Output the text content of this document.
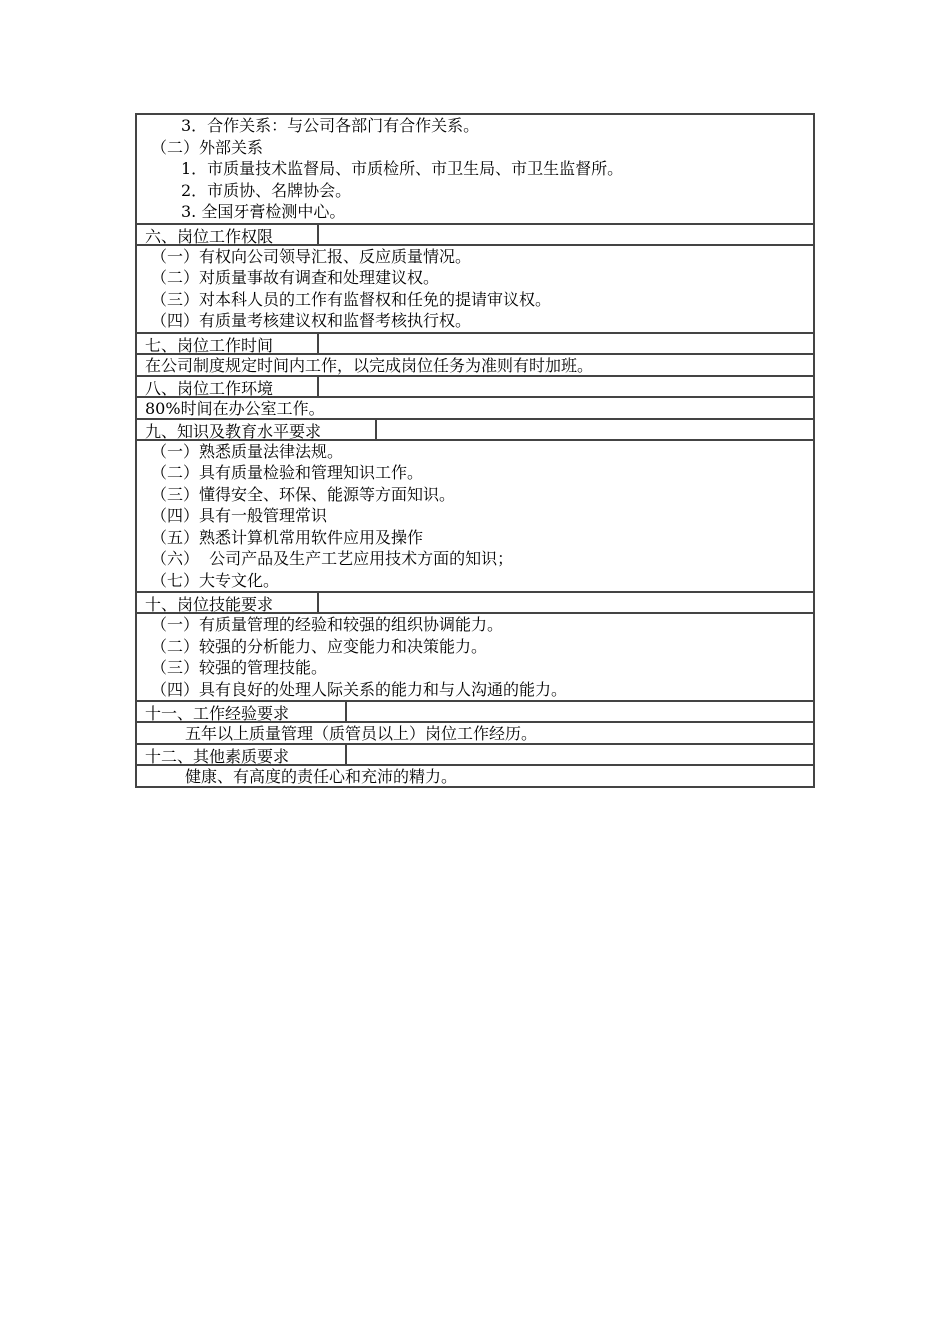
3．合作关系：与公司各部门有合作关系。
（二）外部关系
1．市质量技术监督局、市质检所、市卫生局、市卫生监督所。
2．市质协、名牌协会。
3. 全国牙膏检测中心。
六、岗位工作权限
（一）有权向公司领导汇报、反应质量情况。
（二）对质量事故有调查和处理建议权。
（三）对本科人员的工作有监督权和任免的提请审议权。
（四）有质量考核建议权和监督考核执行权。
七、岗位工作时间
在公司制度规定时间内工作，以完成岗位任务为准则有时加班。
八、岗位工作环境
80%时间在办公室工作。
九、知识及教育水平要求
（一）熟悉质量法律法规。
（二）具有质量检验和管理知识工作。
（三）懂得安全、环保、能源等方面知识。
（四）具有一般管理常识
（五）熟悉计算机常用软件应用及操作
（六）  公司产品及生产工艺应用技术方面的知识；
（七）大专文化。
十、岗位技能要求
（一）有质量管理的经验和较强的组织协调能力。
（二）较强的分析能力、应变能力和决策能力。
（三）较强的管理技能。
（四）具有良好的处理人际关系的能力和与人沟通的能力。
十一、工作经验要求
五年以上质量管理（质管员以上）岗位工作经历。
十二、其他素质要求
健康、有高度的责任心和充沛的精力。
